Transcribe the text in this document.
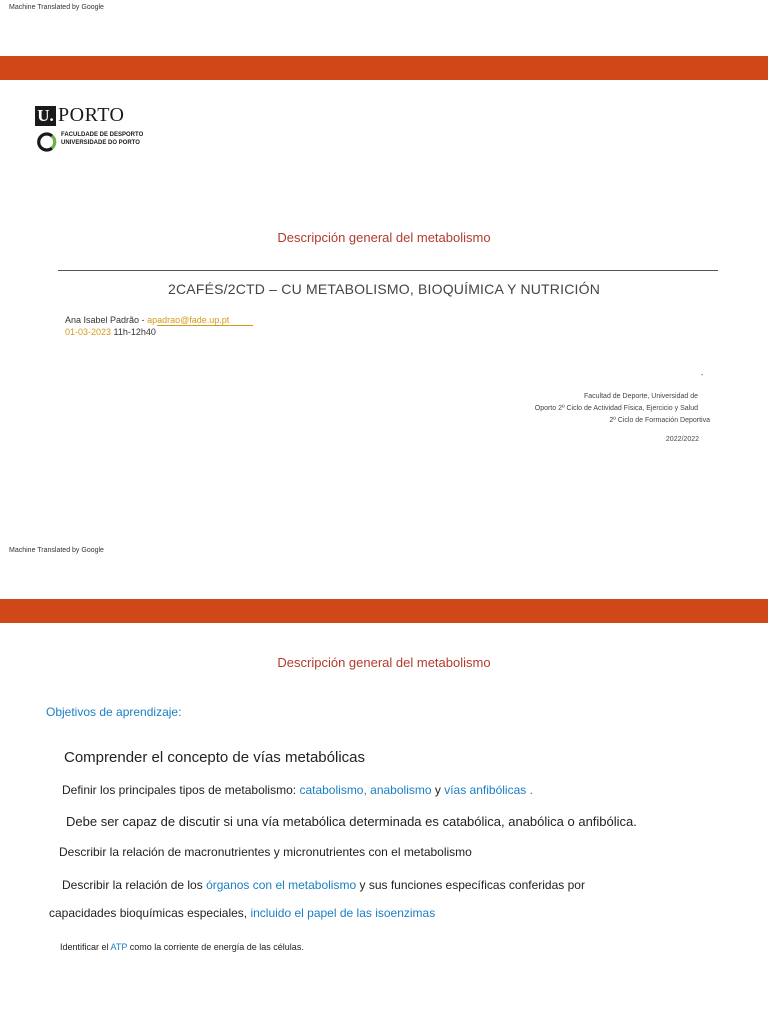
Machine Translated by Google
U. PORTO
FACULDADE DE DESPORTO
UNIVERSIDADE DO PORTO
Descripción general del metabolismo
2CAFÉS/2CTD – CU METABOLISMO, BIOQUÍMICA Y NUTRICIÓN
Ana Isabel Padrão - apadrao@fade.up.pt
01-03-2023 11h-12h40
-
Facultad de Deporte, Universidad de
Oporto 2º Ciclo de Actividad Física, Ejercicio y Salud
2º Ciclo de Formación Deportiva
2022/2022
Machine Translated by Google
Descripción general del metabolismo
Objetivos de aprendizaje:
Comprender el concepto de vías metabólicas
Definir los principales tipos de metabolismo: catabolismo, anabolismo y vías anfibólicas .
Debe ser capaz de discutir si una vía metabólica determinada es catabólica, anabólica o anfibólica.
Describir la relación de macronutrientes y micronutrientes con el metabolismo
Describir la relación de los órganos con el metabolismo y sus funciones específicas conferidas por
capacidades bioquímicas especiales, incluido el papel de las isoenzimas
Identificar el ATP como la corriente de energía de las células.
